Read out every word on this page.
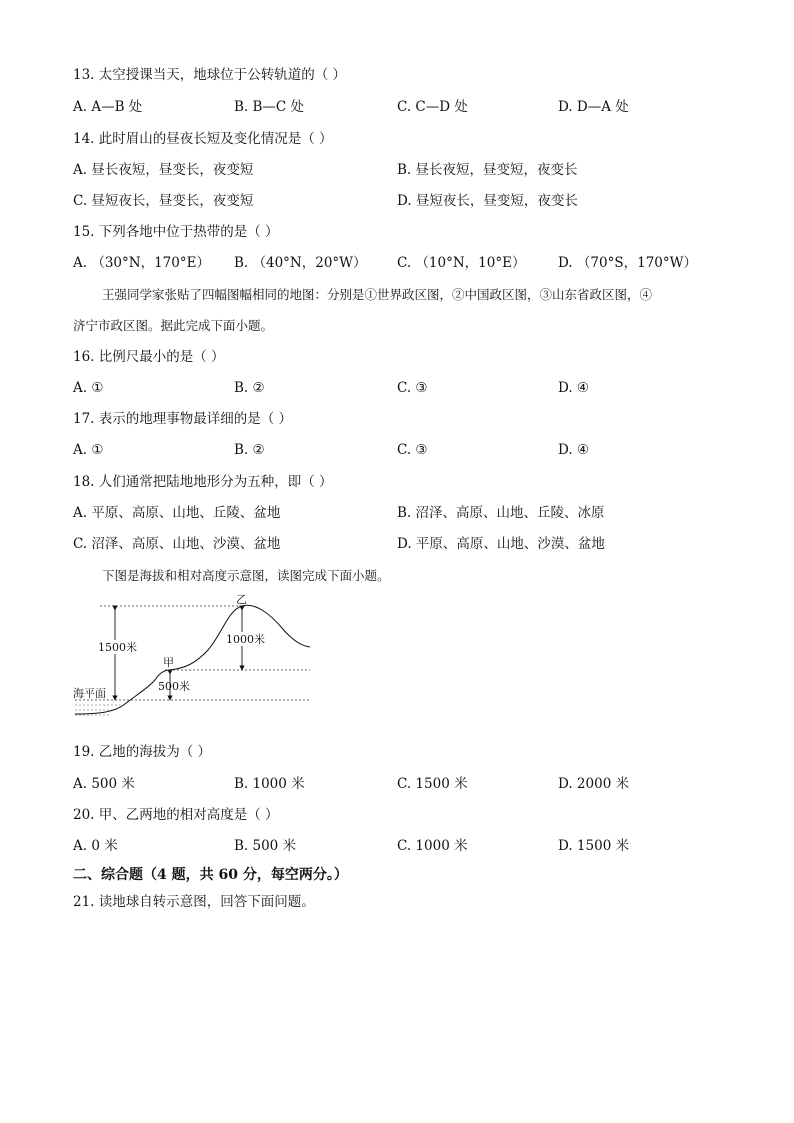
13. 太空授课当天，地球位于公转轨道的（ ）
A. A—B 处	B. B—C 处	C. C—D 处	D. D—A 处
14. 此时眉山的昼夜长短及变化情况是（ ）
A. 昼长夜短，昼变长，夜变短	B. 昼长夜短，昼变短，夜变长
C. 昼短夜长，昼变长，夜变短	D. 昼短夜长，昼变短，夜变长
15. 下列各地中位于热带的是（ ）
A. （30°N，170°E） B. （40°N，20°W） C. （10°N，10°E） D. （70°S，170°W）
王强同学家张贴了四幅图幅相同的地图：分别是①世界政区图，②中国政区图，③山东省政区图，④
济宁市政区图。据此完成下面小题。
16. 比例尺最小的是（ ）
A. ①	B. ②	C. ③	D. ④
17. 表示的地理事物最详细的是（ ）
A. ①	B. ②	C. ③	D. ④
18. 人们通常把陆地地形分为五种，即（ ）
A. 平原、高原、山地、丘陵、盆地	B. 沼泽、高原、山地、丘陵、冰原
C. 沼泽、高原、山地、沙漠、盆地	D. 平原、高原、山地、沙漠、盆地
下图是海拔和相对高度示意图，读图完成下面小题。
1500米
1000米
500米
甲
乙
海平面
19. 乙地的海拔为（ ）
A. 500 米	B. 1000 米	C. 1500 米	D. 2000 米
20. 甲、乙两地的相对高度是（ ）
A. 0 米	B. 500 米	C. 1000 米	D. 1500 米
二、综合题（4 题，共 60 分，每空两分。）
21. 读地球自转示意图，回答下面问题。
